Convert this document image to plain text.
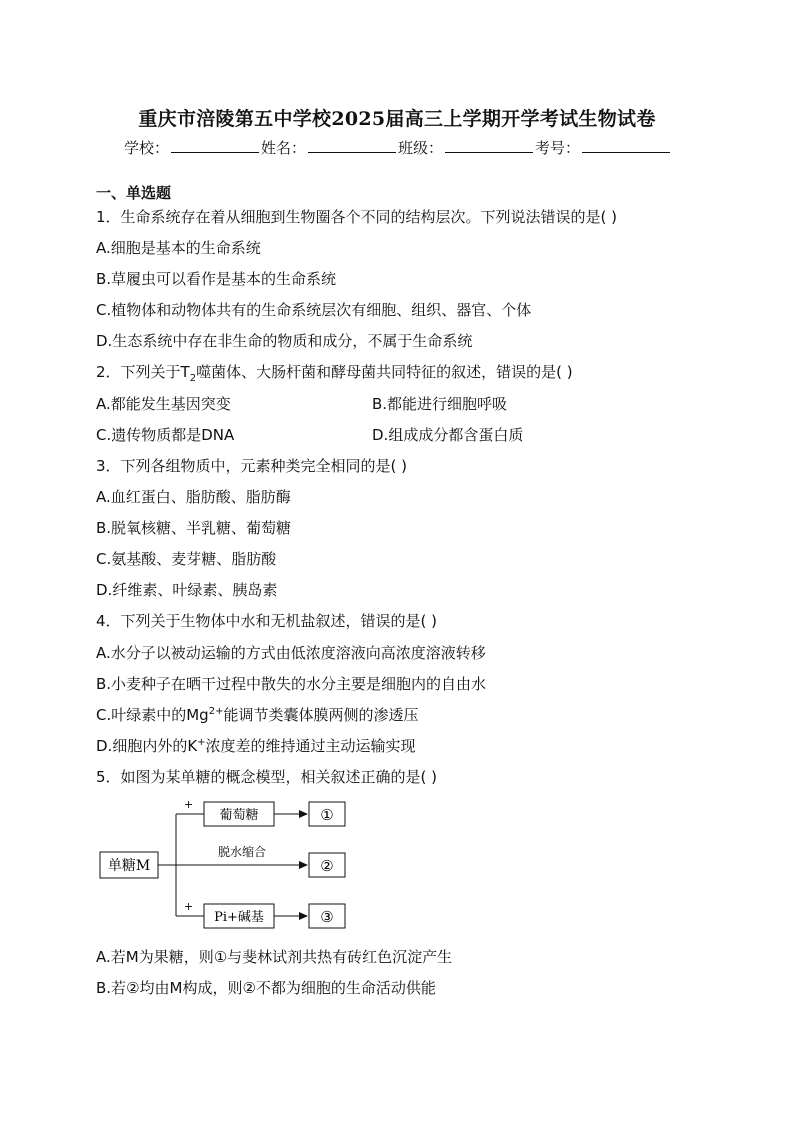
重庆市涪陵第五中学校2025届高三上学期开学考试生物试卷
学校：	姓名：	班级：	考号：
一、单选题
1．生命系统存在着从细胞到生物圈各个不同的结构层次。下列说法错误的是( )
A.细胞是基本的生命系统
B.草履虫可以看作是基本的生命系统
C.植物体和动物体共有的生命系统层次有细胞、组织、器官、个体
D.生态系统中存在非生命的物质和成分，不属于生命系统
2．下列关于$T_2$噬菌体、大肠杆菌和酵母菌共同特征的叙述，错误的是( )
A.都能发生基因突变	B.都能进行细胞呼吸
C.遗传物质都是DNA	D.组成成分都含蛋白质
3．下列各组物质中，元素种类完全相同的是( )
A.血红蛋白、脂肪酸、脂肪酶
B.脱氧核糖、半乳糖、葡萄糖
C.氨基酸、麦芽糖、脂肪酸
D.纤维素、叶绿素、胰岛素
4．下列关于生物体中水和无机盐叙述，错误的是( )
A.水分子以被动运输的方式由低浓度溶液向高浓度溶液转移
B.小麦种子在晒干过程中散失的水分主要是细胞内的自由水
C.叶绿素中的$Mg^{2+}$能调节类囊体膜两侧的渗透压
D.细胞内外的K+浓度差的维持通过主动运输实现
5．如图为某单糖的概念模型，相关叙述正确的是( )
单糖M
+
+
脱水缩合
葡萄糖
Pi+碱基
①
②
③
A.若M为果糖，则①与斐林试剂共热有砖红色沉淀产生
B.若②均由M构成，则②不都为细胞的生命活动供能
